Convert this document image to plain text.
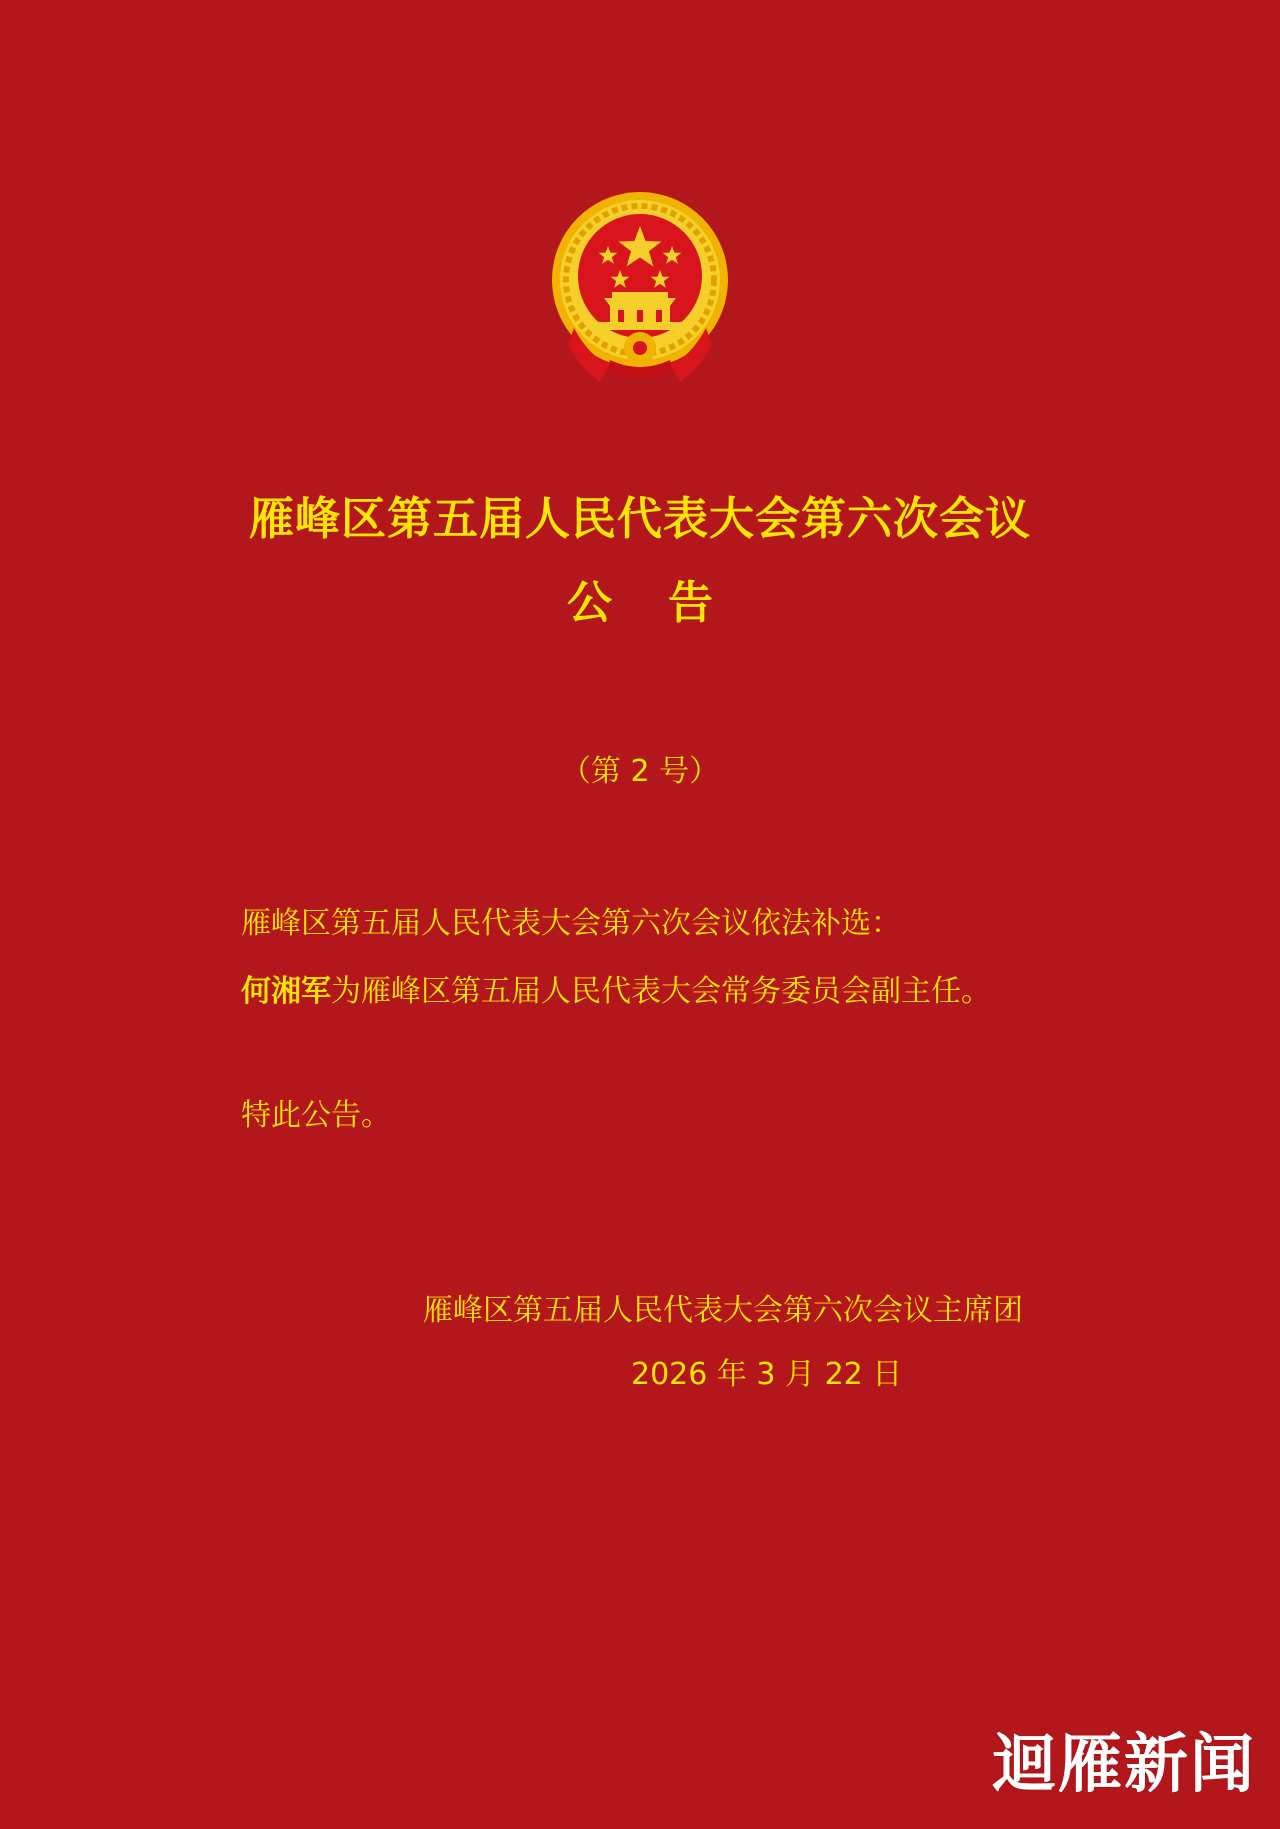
雁峰区第五届人民代表大会第六次会议
公告
（第 2 号）
雁峰区第五届人民代表大会第六次会议依法补选：
何湘军为雁峰区第五届人民代表大会常务委员会副主任。
特此公告。
雁峰区第五届人民代表大会第六次会议主席团
2026 年 3 月 22 日
迴雁新闻
